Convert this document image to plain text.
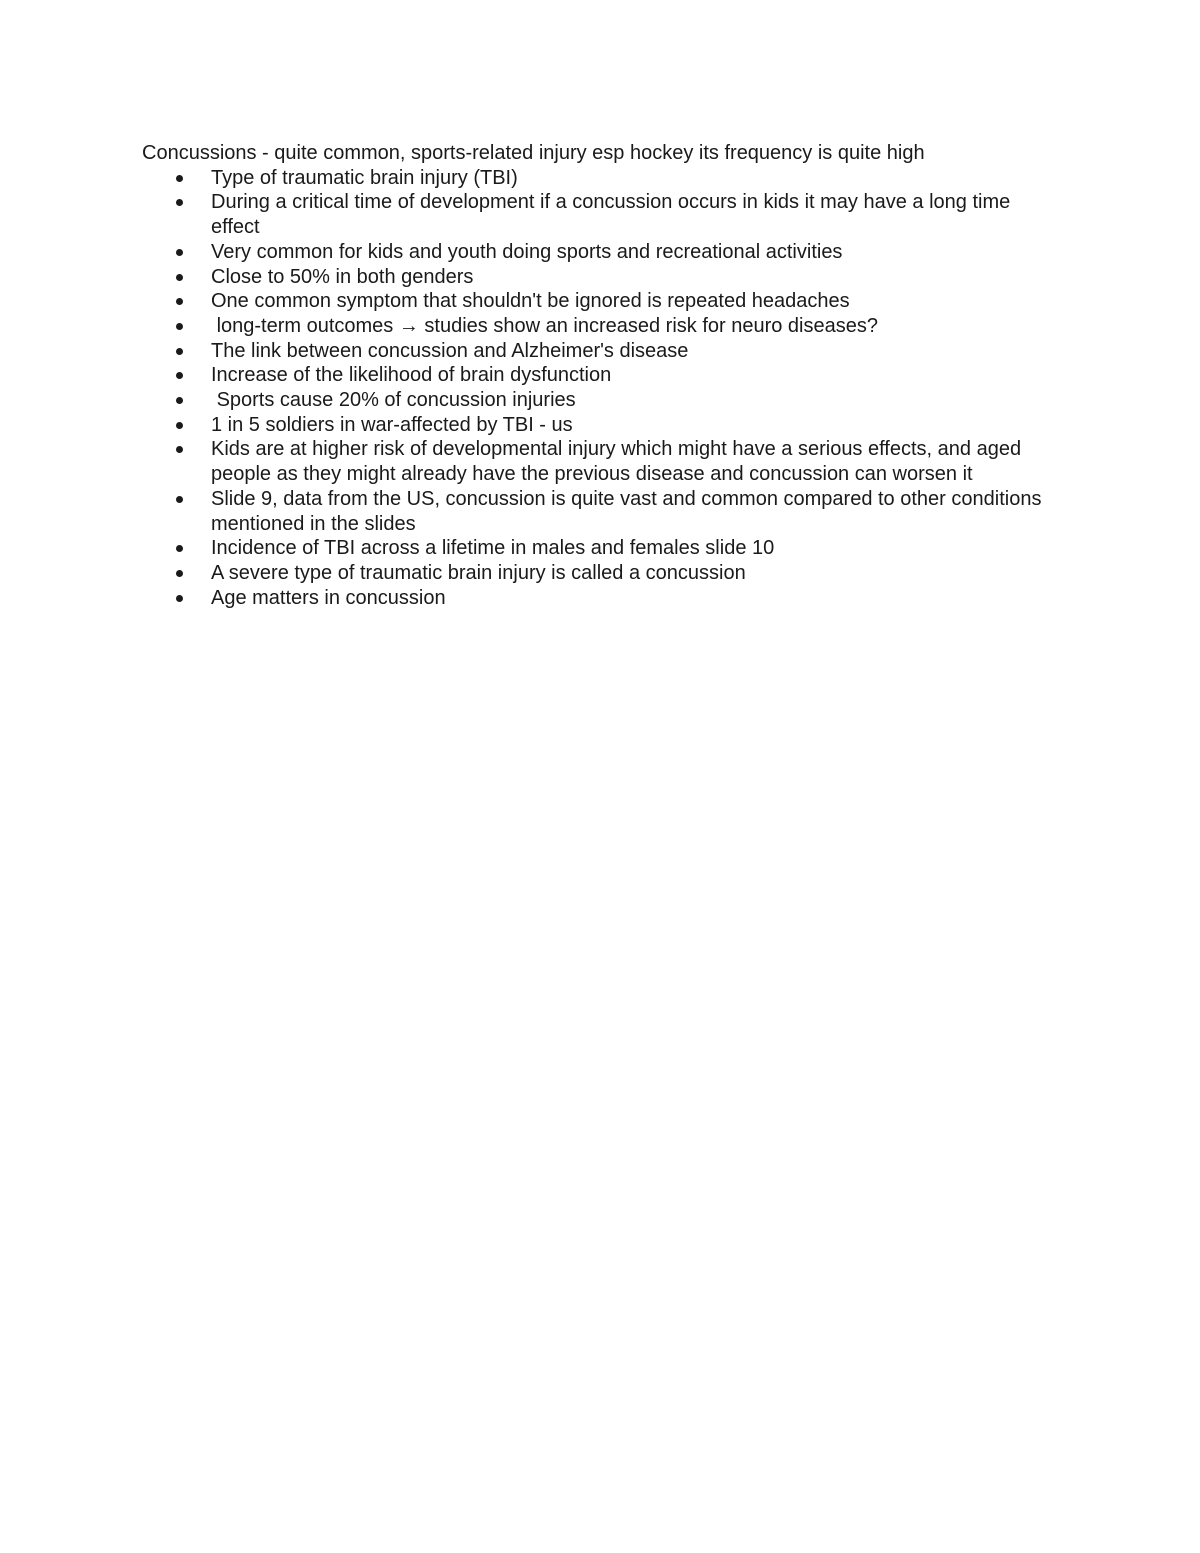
Concussions - quite common, sports-related injury esp hockey its frequency is quite high

Type of traumatic brain injury (TBI)
During a critical time of development if a concussion occurs in kids it may have a long time effect
Very common for kids and youth doing sports and recreational activities
Close to 50% in both genders
One common symptom that shouldn't be ignored is repeated headaches
long-term outcomes → studies show an increased risk for neuro diseases?
The link between concussion and Alzheimer's disease
Increase of the likelihood of brain dysfunction
Sports cause 20% of concussion injuries
1 in 5 soldiers in war-affected by TBI - us
Kids are at higher risk of developmental injury which might have a serious effects, and aged people as they might already have the previous disease and concussion can worsen it
Slide 9, data from the US, concussion is quite vast and common compared to other conditions mentioned in the slides
Incidence of TBI across a lifetime in males and females slide 10
A severe type of traumatic brain injury is called a concussion
Age matters in concussion
